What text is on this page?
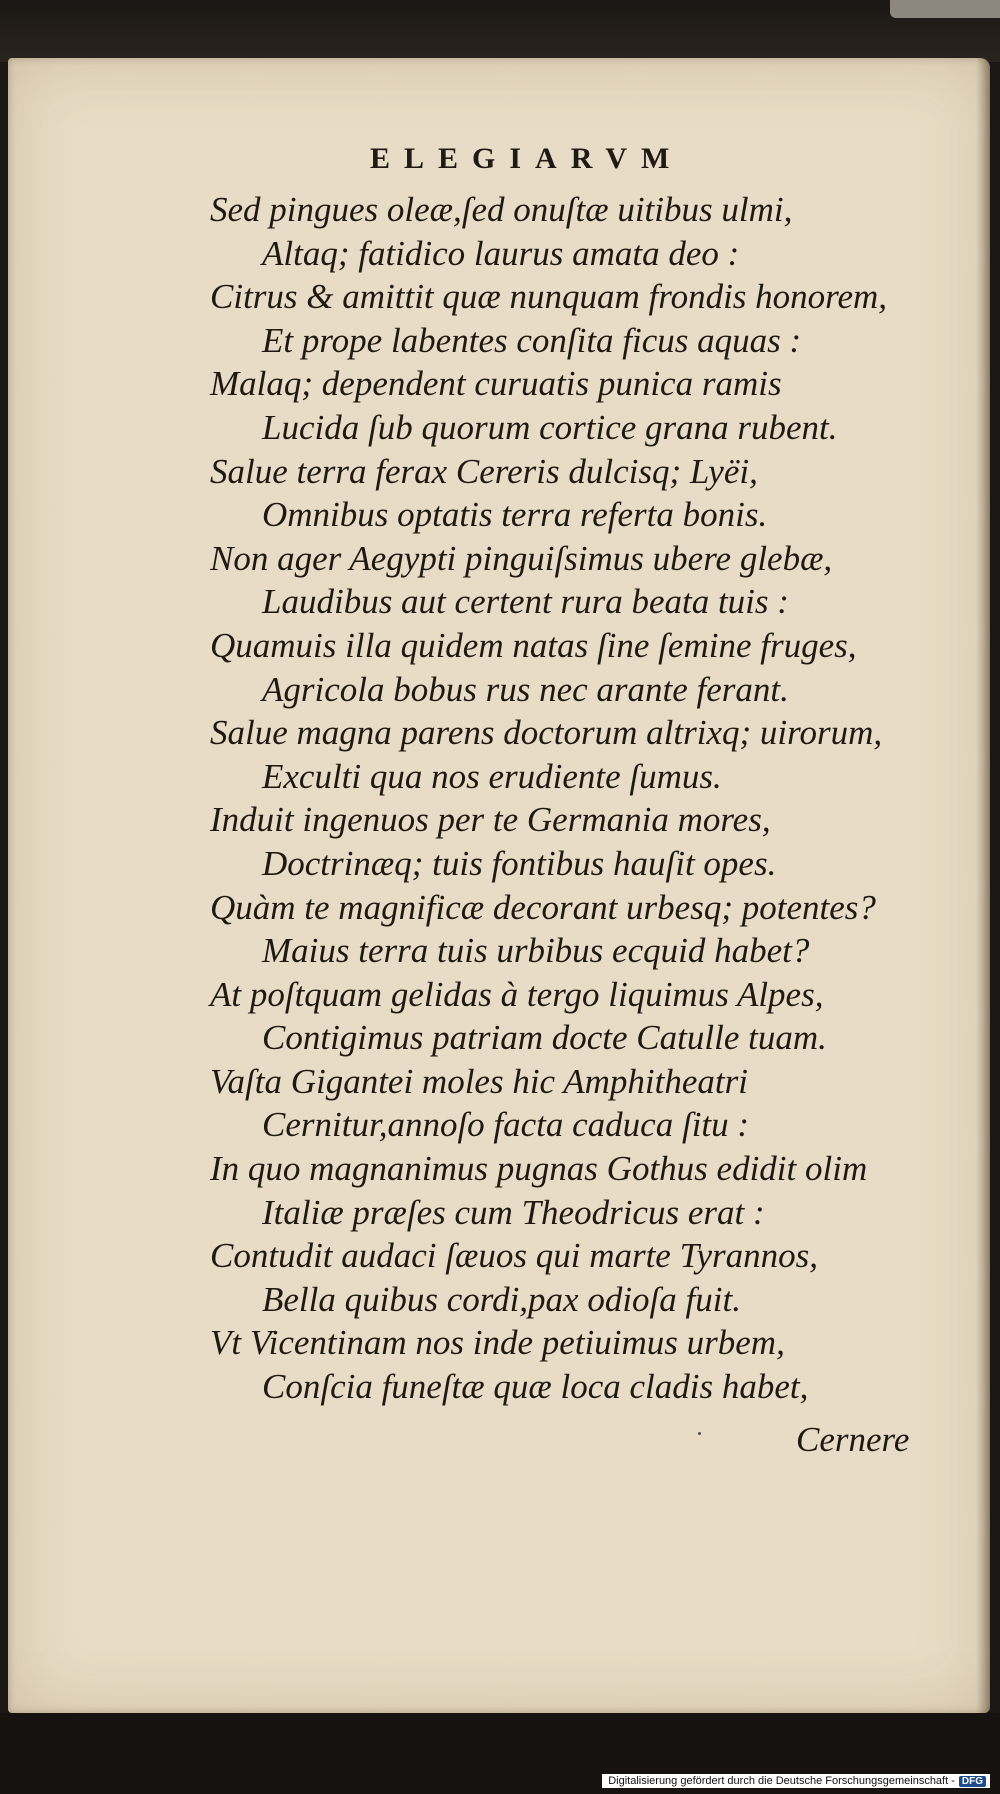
ELEGIARVM
Sed pingues oleæ,ſed onuſtæ uitibus ulmi,
Altaq; fatidico laurus amata deo :
Citrus & amittit quæ nunquam frondis honorem,
Et prope labentes conſita ficus aquas :
Malaq; dependent curuatis punica ramis
Lucida ſub quorum cortice grana rubent.
Salue terra ferax Cereris dulcisq; Lyëi,
Omnibus optatis terra referta bonis.
Non ager Aegypti pinguiſsimus ubere glebæ,
Laudibus aut certent rura beata tuis :
Quamuis illa quidem natas ſine ſemine fruges,
Agricola bobus rus nec arante ferant.
Salue magna parens doctorum altrixq; uirorum,
Exculti qua nos erudiente ſumus.
Induit ingenuos per te Germania mores,
Doctrinæq; tuis fontibus hauſit opes.
Quàm te magnificæ decorant urbesq; potentes?
Maius terra tuis urbibus ecquid habet?
At poſtquam gelidas à tergo liquimus Alpes,
Contigimus patriam docte Catulle tuam.
Vaſta Gigantei moles hic Amphitheatri
Cernitur,annoſo facta caduca ſitu :
In quo magnanimus pugnas Gothus edidit olim
Italiæ præſes cum Theodricus erat :
Contudit audaci ſæuos qui marte Tyrannos,
Bella quibus cordi,pax odioſa fuit.
Vt Vicentinam nos inde petiuimus urbem,
Conſcia funeſtæ quæ loca cladis habet,
Cernere
Digitalisierung gefördert durch die Deutsche Forschungsgemeinschaft - DFG
